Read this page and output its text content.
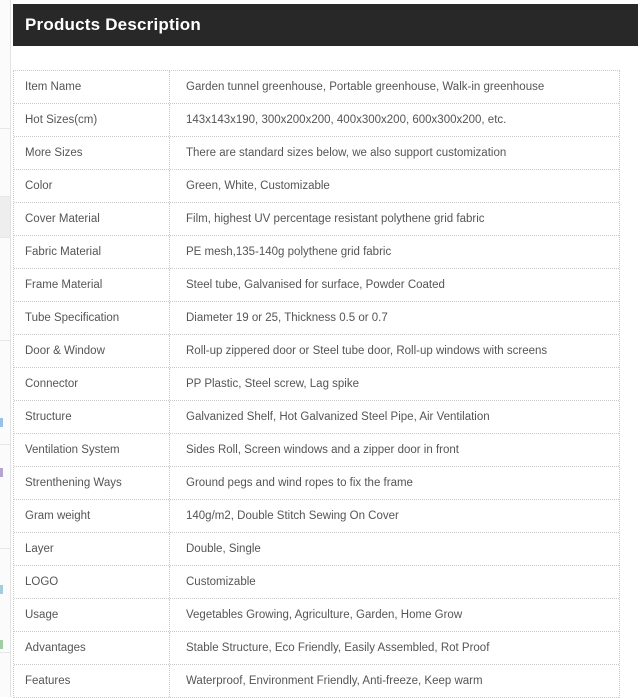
Products Description
Item Name	Garden tunnel greenhouse, Portable greenhouse, Walk-in greenhouse
Hot Sizes(cm)	143x143x190, 300x200x200, 400x300x200, 600x300x200, etc.
More Sizes	There are standard sizes below, we also support customization
Color	Green, White, Customizable
Cover Material	Film, highest UV percentage resistant polythene grid fabric
Fabric Material	PE mesh,135-140g polythene grid fabric
Frame Material	Steel tube, Galvanised for surface, Powder Coated
Tube Specification	Diameter 19 or 25, Thickness 0.5 or 0.7
Door & Window	Roll-up zippered door or Steel tube door, Roll-up windows with screens
Connector	PP Plastic, Steel screw, Lag spike
Structure	Galvanized Shelf, Hot Galvanized Steel Pipe, Air Ventilation
Ventilation System	Sides Roll, Screen windows and a zipper door in front
Strenthening Ways	Ground pegs and wind ropes to fix the frame
Gram weight	140g/m2, Double Stitch Sewing On Cover
Layer	Double, Single
LOGO	Customizable
Usage	Vegetables Growing, Agriculture, Garden, Home Grow
Advantages	Stable Structure, Eco Friendly, Easily Assembled, Rot Proof
Features	Waterproof, Environment Friendly, Anti-freeze, Keep warm
